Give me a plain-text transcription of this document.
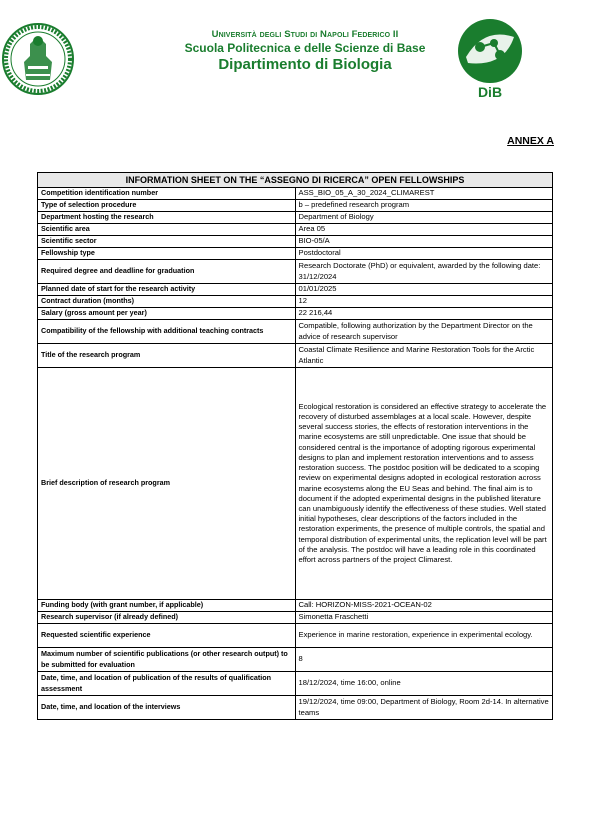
Università degli Studi di Napoli Federico II
Scuola Politecnica e delle Scienze di Base
Dipartimento di Biologia
DiB
ANNEX A
INFORMATION SHEET ON THE “ASSEGNO DI RICERCA” OPEN FELLOWSHIPS	
Competition identification number	ASS_BIO_05_A_30_2024_CLIMAREST
Type of selection procedure	b – predefined research program
Department hosting the research	Department of Biology
Scientific area	Area 05
Scientific sector	BIO-05/A
Fellowship type	Postdoctoral
Required degree and deadline for graduation	Research Doctorate (PhD) or equivalent, awarded by the following date: 31/12/2024
Planned date of start for the research activity	01/01/2025
Contract duration (months)	12
Salary (gross amount per year)	22 216,44
Compatibility of the fellowship with additional teaching contracts	Compatible, following authorization by the Department Director on the advice of research supervisor
Title of the research program	Coastal Climate Resilience and Marine Restoration Tools for the Arctic Atlantic
Brief description of research program	Ecological restoration is considered an effective strategy to accelerate the recovery of disturbed assemblages at a local scale. However, despite several success stories, the effects of restoration interventions in the marine ecosystems are still unpredictable. One issue that should be considered central is the importance of adopting rigorous experimental designs to plan and implement restoration interventions and to assess restoration success. The postdoc position will be dedicated to a scoping review on experimental designs adopted in ecological restoration across marine ecosystems along the EU Seas and behind. The final aim is to document if the adopted experimental designs in the published literature can unambiguously identify the effectiveness of these studies. Well stated initial hypotheses, clear descriptions of the factors included in the restoration experiments, the presence of multiple controls, the spatial and temporal distribution of experimental units, the replication level will be part of the analysis. The postdoc will have a leading role in this coordinated effort across partners of the project Climarest.
Funding body (with grant number, if applicable)	Call: HORIZON-MISS-2021-OCEAN-02
Research supervisor (if already defined)	Simonetta Fraschetti
Requested scientific experience	Experience in marine restoration, experience in experimental ecology.
Maximum number of scientific publications (or other research output) to be submitted for evaluation	8
Date, time, and location of publication of the results of qualification assessment	18/12/2024, time 16:00, online
Date, time, and location of the interviews	19/12/2024, time 09:00, Department of Biology, Room 2d-14. In alternative teams
